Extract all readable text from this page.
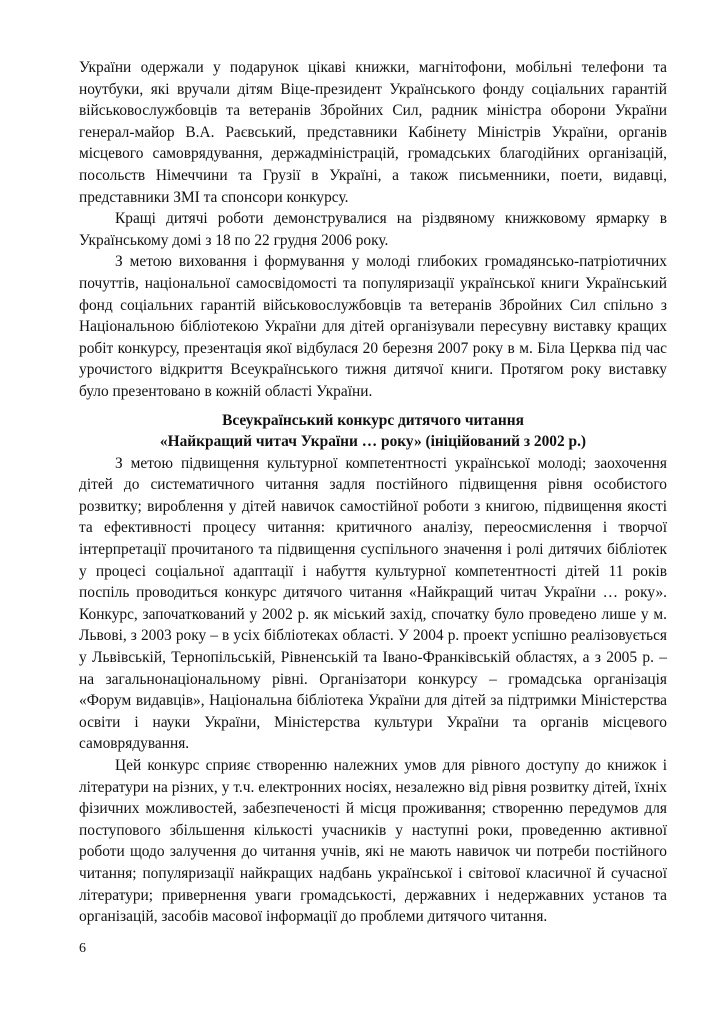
України одержали у подарунок цікаві книжки, магнітофони, мобільні телефони та ноутбуки, які вручали дітям Віце-президент Українського фонду соціальних гарантій військовослужбовців та ветеранів Збройних Сил, радник міністра оборони України генерал-майор В.А. Раєвський, представники Кабінету Міністрів України, органів місцевого самоврядування, держадміністрацій, громадських благодійних організацій, посольств Німеччини та Грузії в Україні, а також письменники, поети, видавці, представники ЗМІ та спонсори конкурсу.

Кращі дитячі роботи демонструвалися на різдвяному книжковому ярмарку в Українському домі з 18 по 22 грудня 2006 року.

З метою виховання і формування у молоді глибоких громадянсько-патріотичних почуттів, національної самосвідомості та популяризації української книги Український фонд соціальних гарантій військовослужбовців та ветеранів Збройних Сил спільно з Національною бібліотекою України для дітей організували пересувну виставку кращих робіт конкурсу, презентація якої відбулася 20 березня 2007 року в м. Біла Церква під час урочистого відкриття Всеукраїнського тижня дитячої книги. Протягом року виставку було презентовано в кожній області України.

Всеукраїнський конкурс дитячого читання
«Найкращий читач України … року» (ініційований з 2002 р.)

З метою підвищення культурної компетентності української молоді; заохочення дітей до систематичного читання задля постійного підвищення рівня особистого розвитку; вироблення у дітей навичок самостійної роботи з книгою, підвищення якості та ефективності процесу читання: критичного аналізу, переосмислення і творчої інтерпретації прочитаного та підвищення суспільного значення і ролі дитячих бібліотек у процесі соціальної адаптації і набуття культурної компетентності дітей 11 років поспіль проводиться конкурс дитячого читання «Найкращий читач України … року». Конкурс, започаткований у 2002 р. як міський захід, спочатку було проведено лише у м. Львові, з 2003 року – в усіх бібліотеках області. У 2004 р. проект успішно реалізовується у Львівській, Тернопільській, Рівненській та Івано-Франківській областях, а з 2005 р. – на загальнонаціональному рівні. Організатори конкурсу – громадська організація «Форум видавців», Національна бібліотека України для дітей за підтримки Міністерства освіти і науки України, Міністерства культури України та органів місцевого самоврядування.

Цей конкурс сприяє створенню належних умов для рівного доступу до книжок і літератури на різних, у т.ч. електронних носіях, незалежно від рівня розвитку дітей, їхніх фізичних можливостей, забезпеченості й місця проживання; створенню передумов для поступового збільшення кількості учасників у наступні роки, проведенню активної роботи щодо залучення до читання учнів, які не мають навичок чи потреби постійного читання; популяризації найкращих надбань української і світової класичної й сучасної літератури; привернення уваги громадськості, державних і недержавних установ та організацій, засобів масової інформації до проблеми дитячого читання.

6
